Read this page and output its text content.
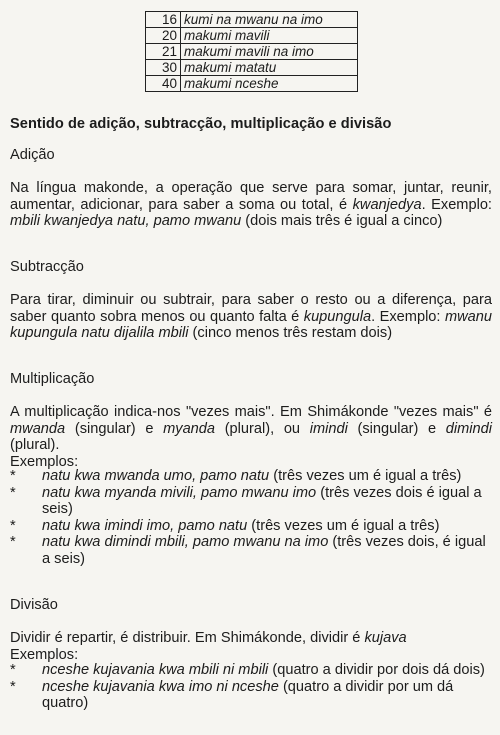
16	kumi na mwanu na imo
20	makumi mavili
21	makumi mavili na imo
30	makumi matatu
40	makumi nceshe
Sentido de adição, subtracção, multiplicação e divisão
Adição
Na língua makonde, a operação que serve para somar, juntar, reunir, aumentar, adicionar, para saber a soma ou total, é kwanjedya. Exemplo: mbili kwanjedya natu, pamo mwanu (dois mais três é igual a cinco)
Subtracção
Para tirar, diminuir ou subtrair, para saber o resto ou a diferença, para saber quanto sobra menos ou quanto falta é kupungula. Exemplo: mwanu kupungula natu dijalila mbili (cinco menos três restam dois)
Multiplicação
A multiplicação indica-nos "vezes mais". Em Shimákonde "vezes mais" é mwanda (singular) e myanda (plural), ou imindi (singular) e dimindi (plural).
Exemplos:
* natu kwa mwanda umo, pamo natu (três vezes um é igual a três)
* natu kwa myanda mivili, pamo mwanu imo (três vezes dois é igual a seis)
* natu kwa imindi imo, pamo natu (três vezes um é igual a três)
* natu kwa dimindi mbili, pamo mwanu na imo (três vezes dois, é igual a seis)
Divisão
Dividir é repartir, é distribuir. Em Shimákonde, dividir é kujava
Exemplos:
* nceshe kujavania kwa mbili ni mbili (quatro a dividir por dois dá dois)
* nceshe kujavania kwa imo ni nceshe (quatro a dividir por um dá quatro)
